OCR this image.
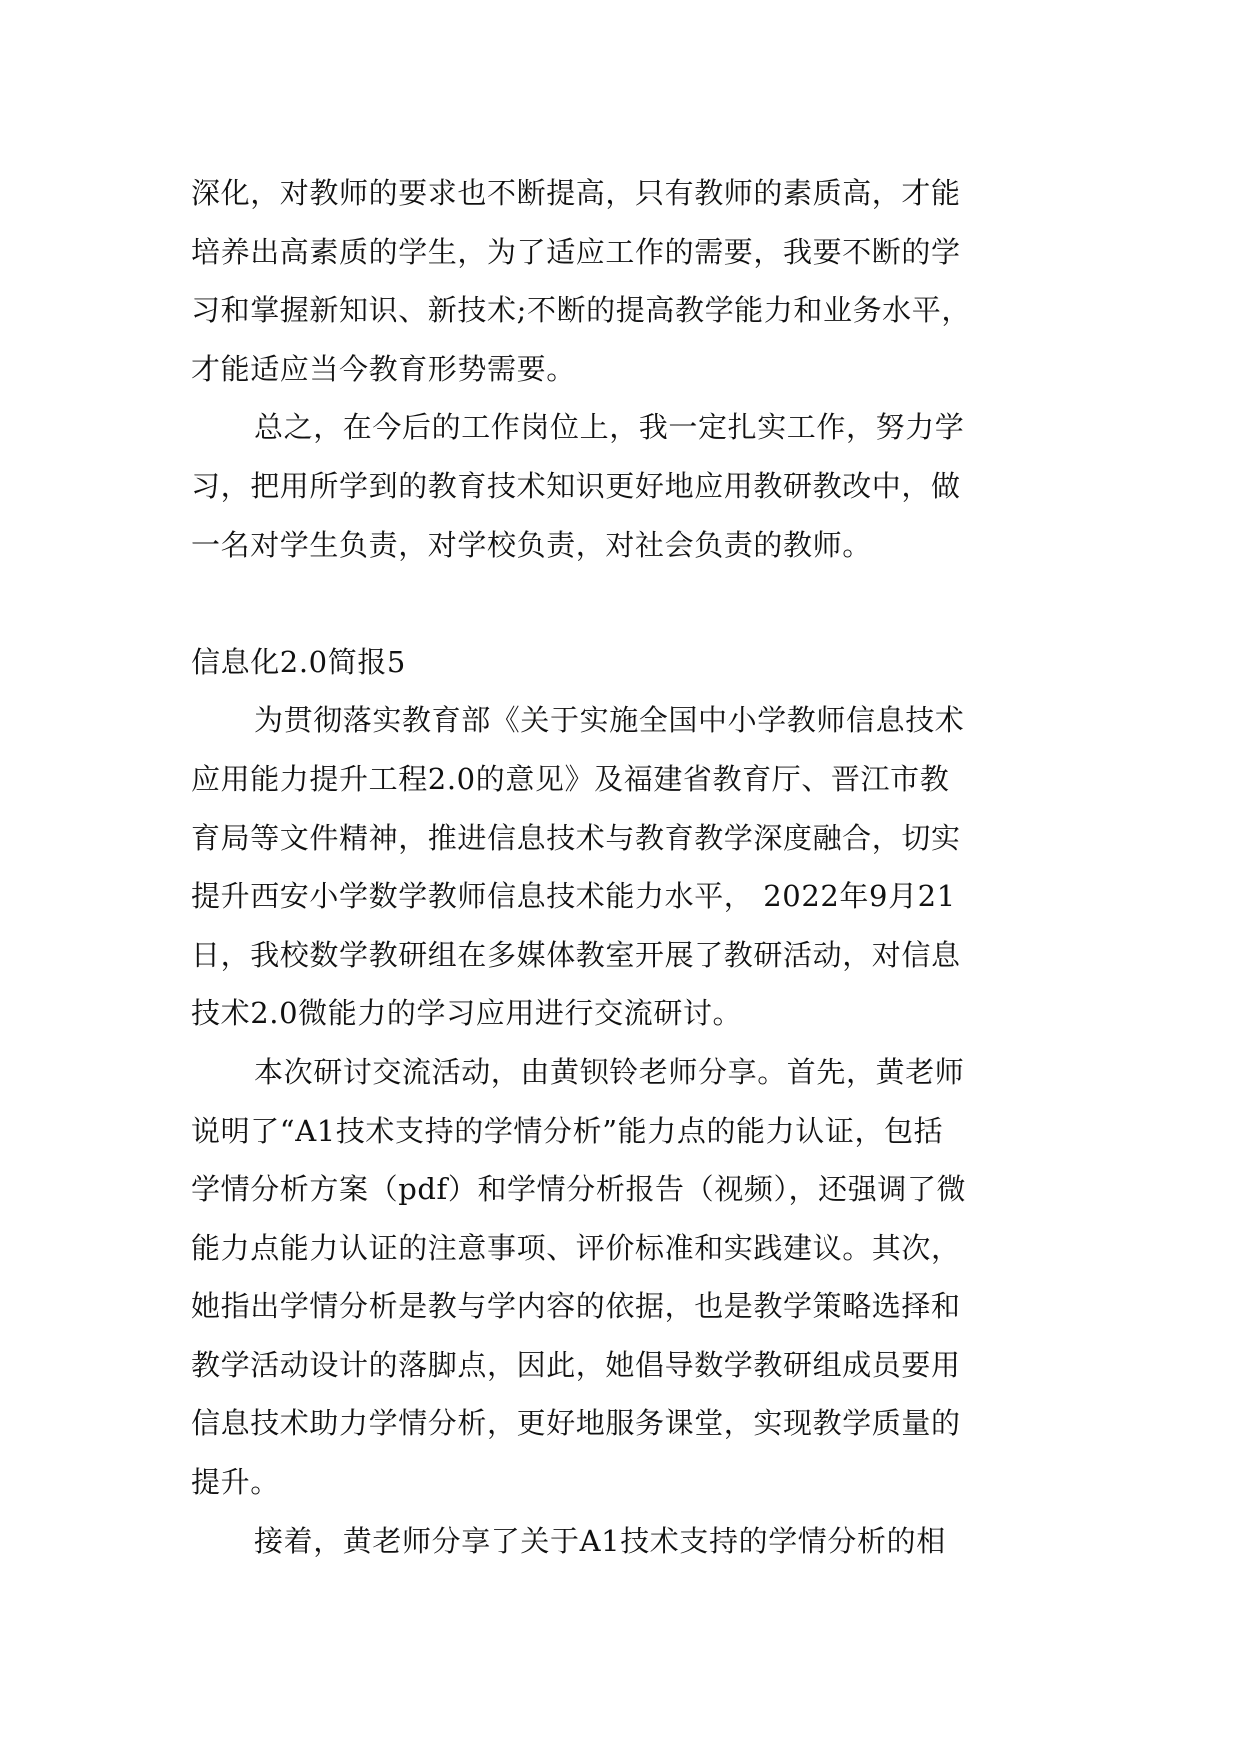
深化，对教师的要求也不断提高，只有教师的素质高，才能
培养出高素质的学生，为了适应工作的需要，我要不断的学
习和掌握新知识、新技术;不断的提高教学能力和业务水平，
才能适应当今教育形势需要。
总之，在今后的工作岗位上，我一定扎实工作，努力学
习，把用所学到的教育技术知识更好地应用教研教改中，做
一名对学生负责，对学校负责，对社会负责的教师。
信息化2.0简报5
为贯彻落实教育部《关于实施全国中小学教师信息技术
应用能力提升工程2.0的意见》及福建省教育厅、晋江市教
育局等文件精神，推进信息技术与教育教学深度融合，切实
提升西安小学数学教师信息技术能力水平， 2022年9月21
日，我校数学教研组在多媒体教室开展了教研活动，对信息
技术2.0微能力的学习应用进行交流研讨。
本次研讨交流活动，由黄钡铃老师分享。首先，黄老师
说明了“A1技术支持的学情分析”能力点的能力认证，包括
学情分析方案（pdf）和学情分析报告（视频），还强调了微
能力点能力认证的注意事项、评价标准和实践建议。其次，
她指出学情分析是教与学内容的依据，也是教学策略选择和
教学活动设计的落脚点，因此，她倡导数学教研组成员要用
信息技术助力学情分析，更好地服务课堂，实现教学质量的
提升。
接着，黄老师分享了关于A1技术支持的学情分析的相
